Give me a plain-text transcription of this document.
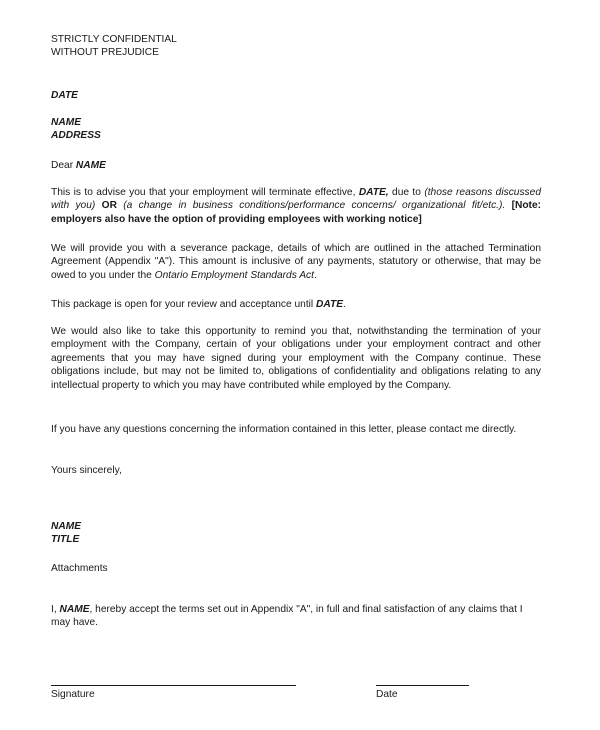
STRICTLY CONFIDENTIAL
WITHOUT PREJUDICE
DATE
NAME
ADDRESS
Dear NAME
This is to advise you that your employment will terminate effective, DATE, due to (those reasons discussed with you) OR (a change in business conditions/performance concerns/ organizational fit/etc.). [Note: employers also have the option of providing employees with working notice]
We will provide you with a severance package, details of which are outlined in the attached Termination Agreement (Appendix "A"). This amount is inclusive of any payments, statutory or otherwise, that may be owed to you under the Ontario Employment Standards Act.
This package is open for your review and acceptance until DATE.
We would also like to take this opportunity to remind you that, notwithstanding the termination of your employment with the Company, certain of your obligations under your employment contract and other agreements that you may have signed during your employment with the Company continue. These obligations include, but may not be limited to, obligations of confidentiality and obligations relating to any intellectual property to which you may have contributed while employed by the Company.
If you have any questions concerning the information contained in this letter, please contact me directly.
Yours sincerely,
NAME
TITLE
Attachments
I, NAME, hereby accept the terms set out in Appendix "A", in full and final satisfaction of any claims that I may have.
Signature	Date
